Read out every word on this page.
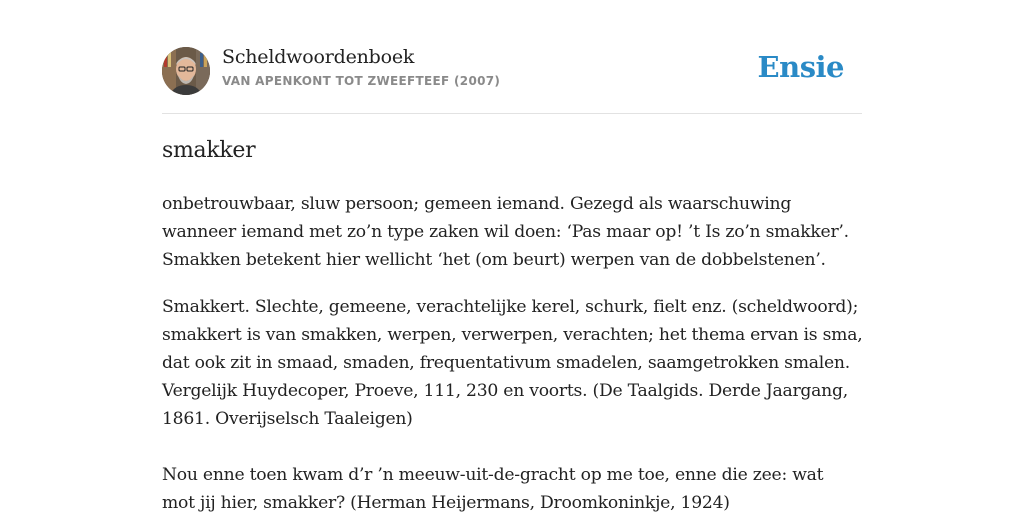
Scheldwoordenboek
VAN APENKONT TOT ZWEEFTEEF (2007)	Ensie
smakker

onbetrouwbaar, sluw persoon; gemeen iemand. Gezegd als waarschuwing
wanneer iemand met zo’n type zaken wil doen: ‘Pas maar op! ’t Is zo’n smakker’.
Smakken betekent hier wellicht ‘het (om beurt) werpen van de dobbelstenen’.

Smakkert. Slechte, gemeene, verachtelijke kerel, schurk, fielt enz. (scheldwoord);
smakkert is van smakken, werpen, verwerpen, verachten; het thema ervan is sma,
dat ook zit in smaad, smaden, frequentativum smadelen, saamgetrokken smalen.
Vergelijk Huydecoper, Proeve, 111, 230 en voorts. (De Taalgids. Derde Jaargang,
1861. Overijselsch Taaleigen)

Nou enne toen kwam d’r ’n meeuw-uit-de-gracht op me toe, enne die zee: wat
mot jij hier, smakker? (Herman Heijermans, Droomkoninkje, 1924)
